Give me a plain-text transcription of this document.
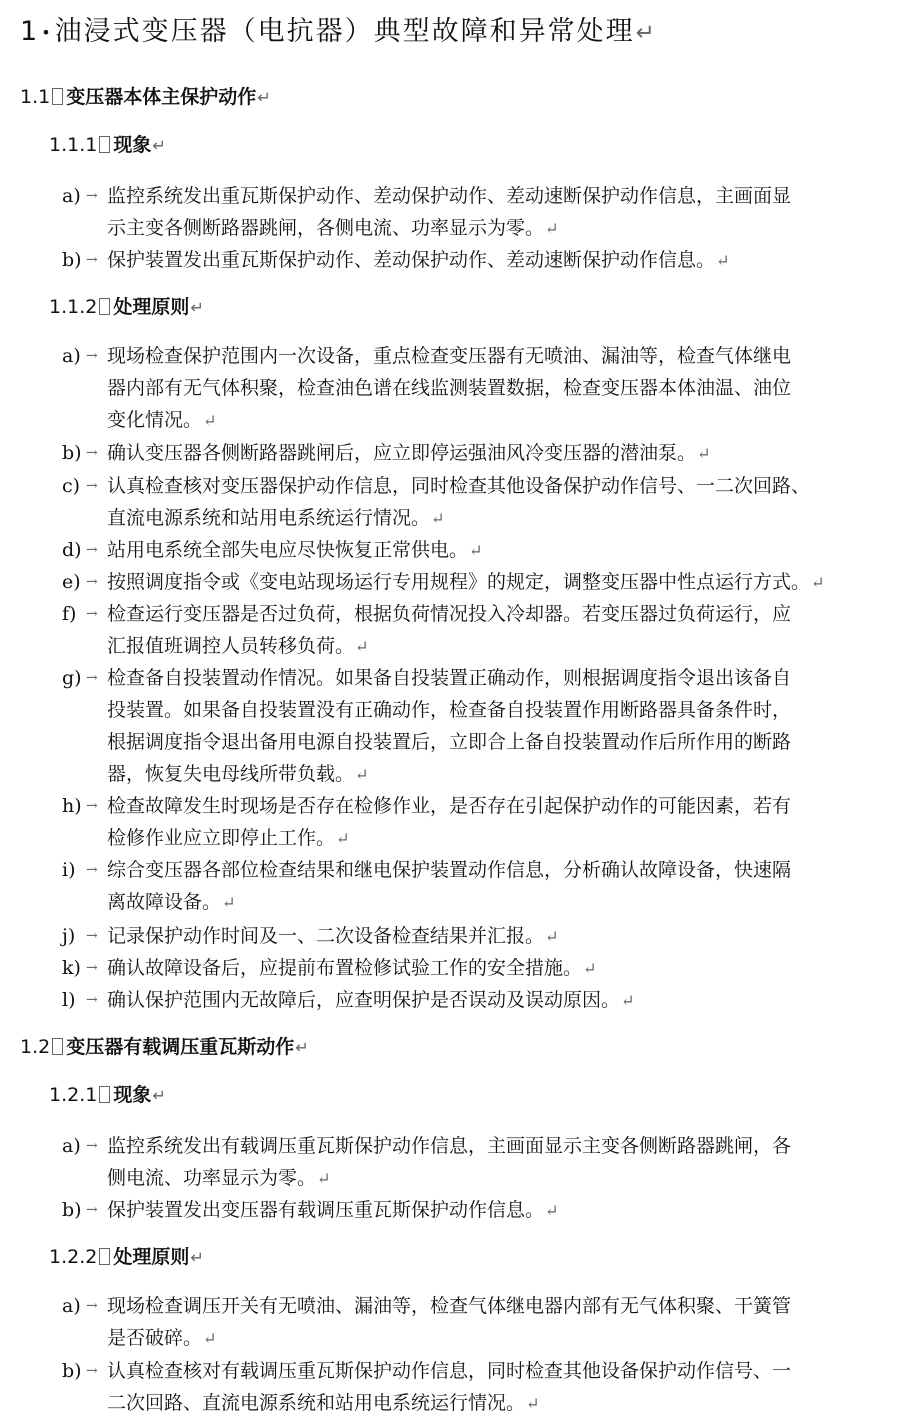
1 •油浸式变压器（电抗器）典型故障和异常处理↵
1.1 变压器本体主保护动作↵
1.1.1 现象↵
a) → 监控系统发出重瓦斯保护动作、差动保护动作、差动速断保护动作信息，主画面显
示主变各侧断路器跳闸，各侧电流、功率显示为零。↵
b) → 保护装置发出重瓦斯保护动作、差动保护动作、差动速断保护动作信息。↵
1.1.2 处理原则↵
a) → 现场检查保护范围内一次设备，重点检查变压器有无喷油、漏油等，检查气体继电
器内部有无气体积聚，检查油色谱在线监测装置数据，检查变压器本体油温、油位
变化情况。↵
b) → 确认变压器各侧断路器跳闸后，应立即停运强油风冷变压器的潜油泵。↵
c) → 认真检查核对变压器保护动作信息，同时检查其他设备保护动作信号、一二次回路、
直流电源系统和站用电系统运行情况。↵
d) → 站用电系统全部失电应尽快恢复正常供电。↵
e) → 按照调度指令或《变电站现场运行专用规程》的规定，调整变压器中性点运行方式。↵
f) → 检查运行变压器是否过负荷，根据负荷情况投入冷却器。若变压器过负荷运行，应
汇报值班调控人员转移负荷。↵
g) → 检查备自投装置动作情况。如果备自投装置正确动作，则根据调度指令退出该备自
投装置。如果备自投装置没有正确动作，检查备自投装置作用断路器具备条件时，
根据调度指令退出备用电源自投装置后，立即合上备自投装置动作后所作用的断路
器，恢复失电母线所带负载。↵
h) → 检查故障发生时现场是否存在检修作业，是否存在引起保护动作的可能因素，若有
检修作业应立即停止工作。↵
i) → 综合变压器各部位检查结果和继电保护装置动作信息，分析确认故障设备，快速隔
离故障设备。↵
j) → 记录保护动作时间及一、二次设备检查结果并汇报。↵
k) → 确认故障设备后，应提前布置检修试验工作的安全措施。↵
l) → 确认保护范围内无故障后，应查明保护是否误动及误动原因。↵
1.2 变压器有载调压重瓦斯动作↵
1.2.1 现象↵
a) → 监控系统发出有载调压重瓦斯保护动作信息，主画面显示主变各侧断路器跳闸，各
侧电流、功率显示为零。↵
b) → 保护装置发出变压器有载调压重瓦斯保护动作信息。↵
1.2.2 处理原则↵
a) → 现场检查调压开关有无喷油、漏油等，检查气体继电器内部有无气体积聚、干簧管
是否破碎。↵
b) → 认真检查核对有载调压重瓦斯保护动作信息，同时检查其他设备保护动作信号、一
二次回路、直流电源系统和站用电系统运行情况。↵
